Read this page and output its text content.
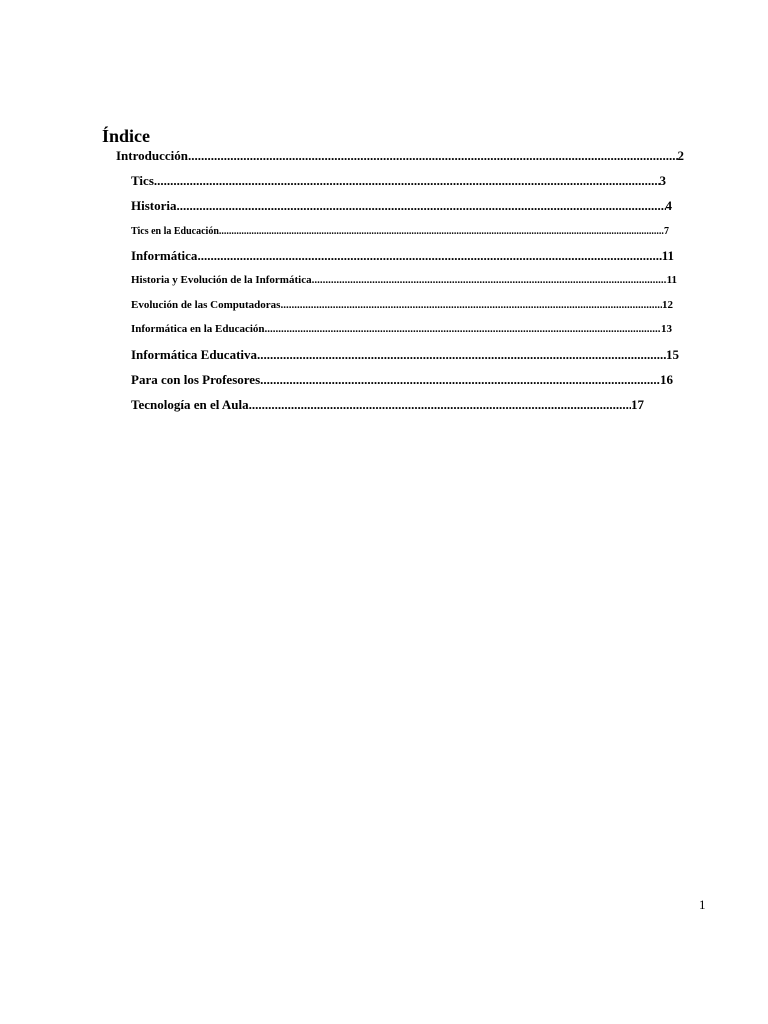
Índice
Introducción .....	2
Tics .....	3
Historia .....	4
Tics en la Educación .....	7
Informática .....	11
Historia y Evolución de la Informática .....	11
Evolución de las Computadoras .....	12
Informática en la Educación .....	13
Informática Educativa .....	15
Para con los Profesores .....	16
Tecnología en el Aula .....	17
1
